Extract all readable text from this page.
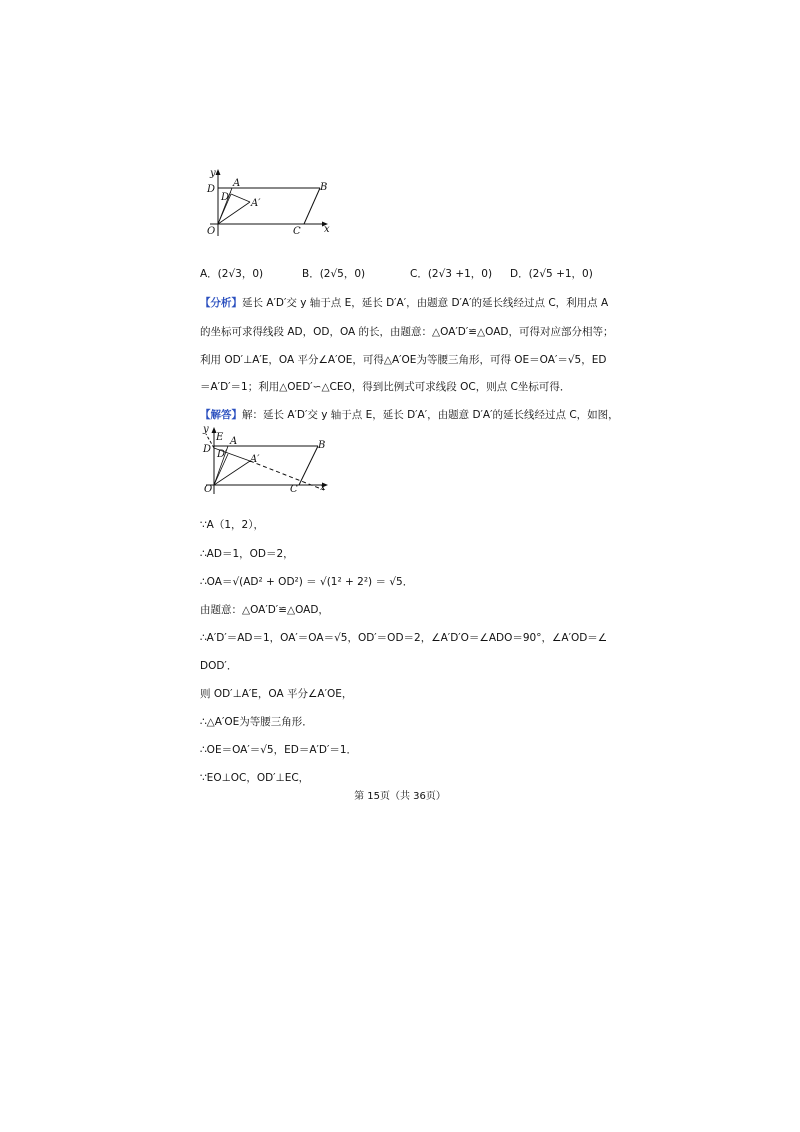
y
D
A
D′
A′
B
O	C x
A．(2√3，0)	B．(2√5，0)	C．(2√3 +1，0) D．(2√5 +1，0)
【分析】延长 A′D′交 y 轴于点 E，延长 D′A′，由题意 D′A′的延长线经过点 C，利用点 A
的坐标可求得线段 AD，OD，OA 的长，由题意：△OA′D′≌△OAD，可得对应部分相等；
利用 OD′⊥A′E，OA 平分∠A′OE，可得△A′OE为等腰三角形，可得 OE＝OA′＝√5，ED
＝A′D′＝1；利用△OED′∽△CEO，得到比例式可求线段 OC，则点 C坐标可得．
【解答】解：延长 A′D′交 y 轴于点 E，延长 D′A′，由题意 D′A′的延长线经过点 C，如图，
y
E A
D D′ A′
B
O	C x
∵A（1，2），
∴AD＝1，OD＝2，
∴OA＝√(AD² + OD²) ＝ √(1² + 2²) ＝ √5．
由题意：△OA′D′≌△OAD，
∴A′D′＝AD＝1，OA′＝OA＝√5，OD′＝OD＝2，∠A′D′O＝∠ADO＝90°，∠A′OD＝∠
DOD′．
则 OD′⊥A′E，OA 平分∠A′OE，
∴△A′OE为等腰三角形．
∴OE＝OA′＝√5，ED＝A′D′＝1．
∵EO⊥OC，OD′⊥EC，
第 15页（共 36页）
